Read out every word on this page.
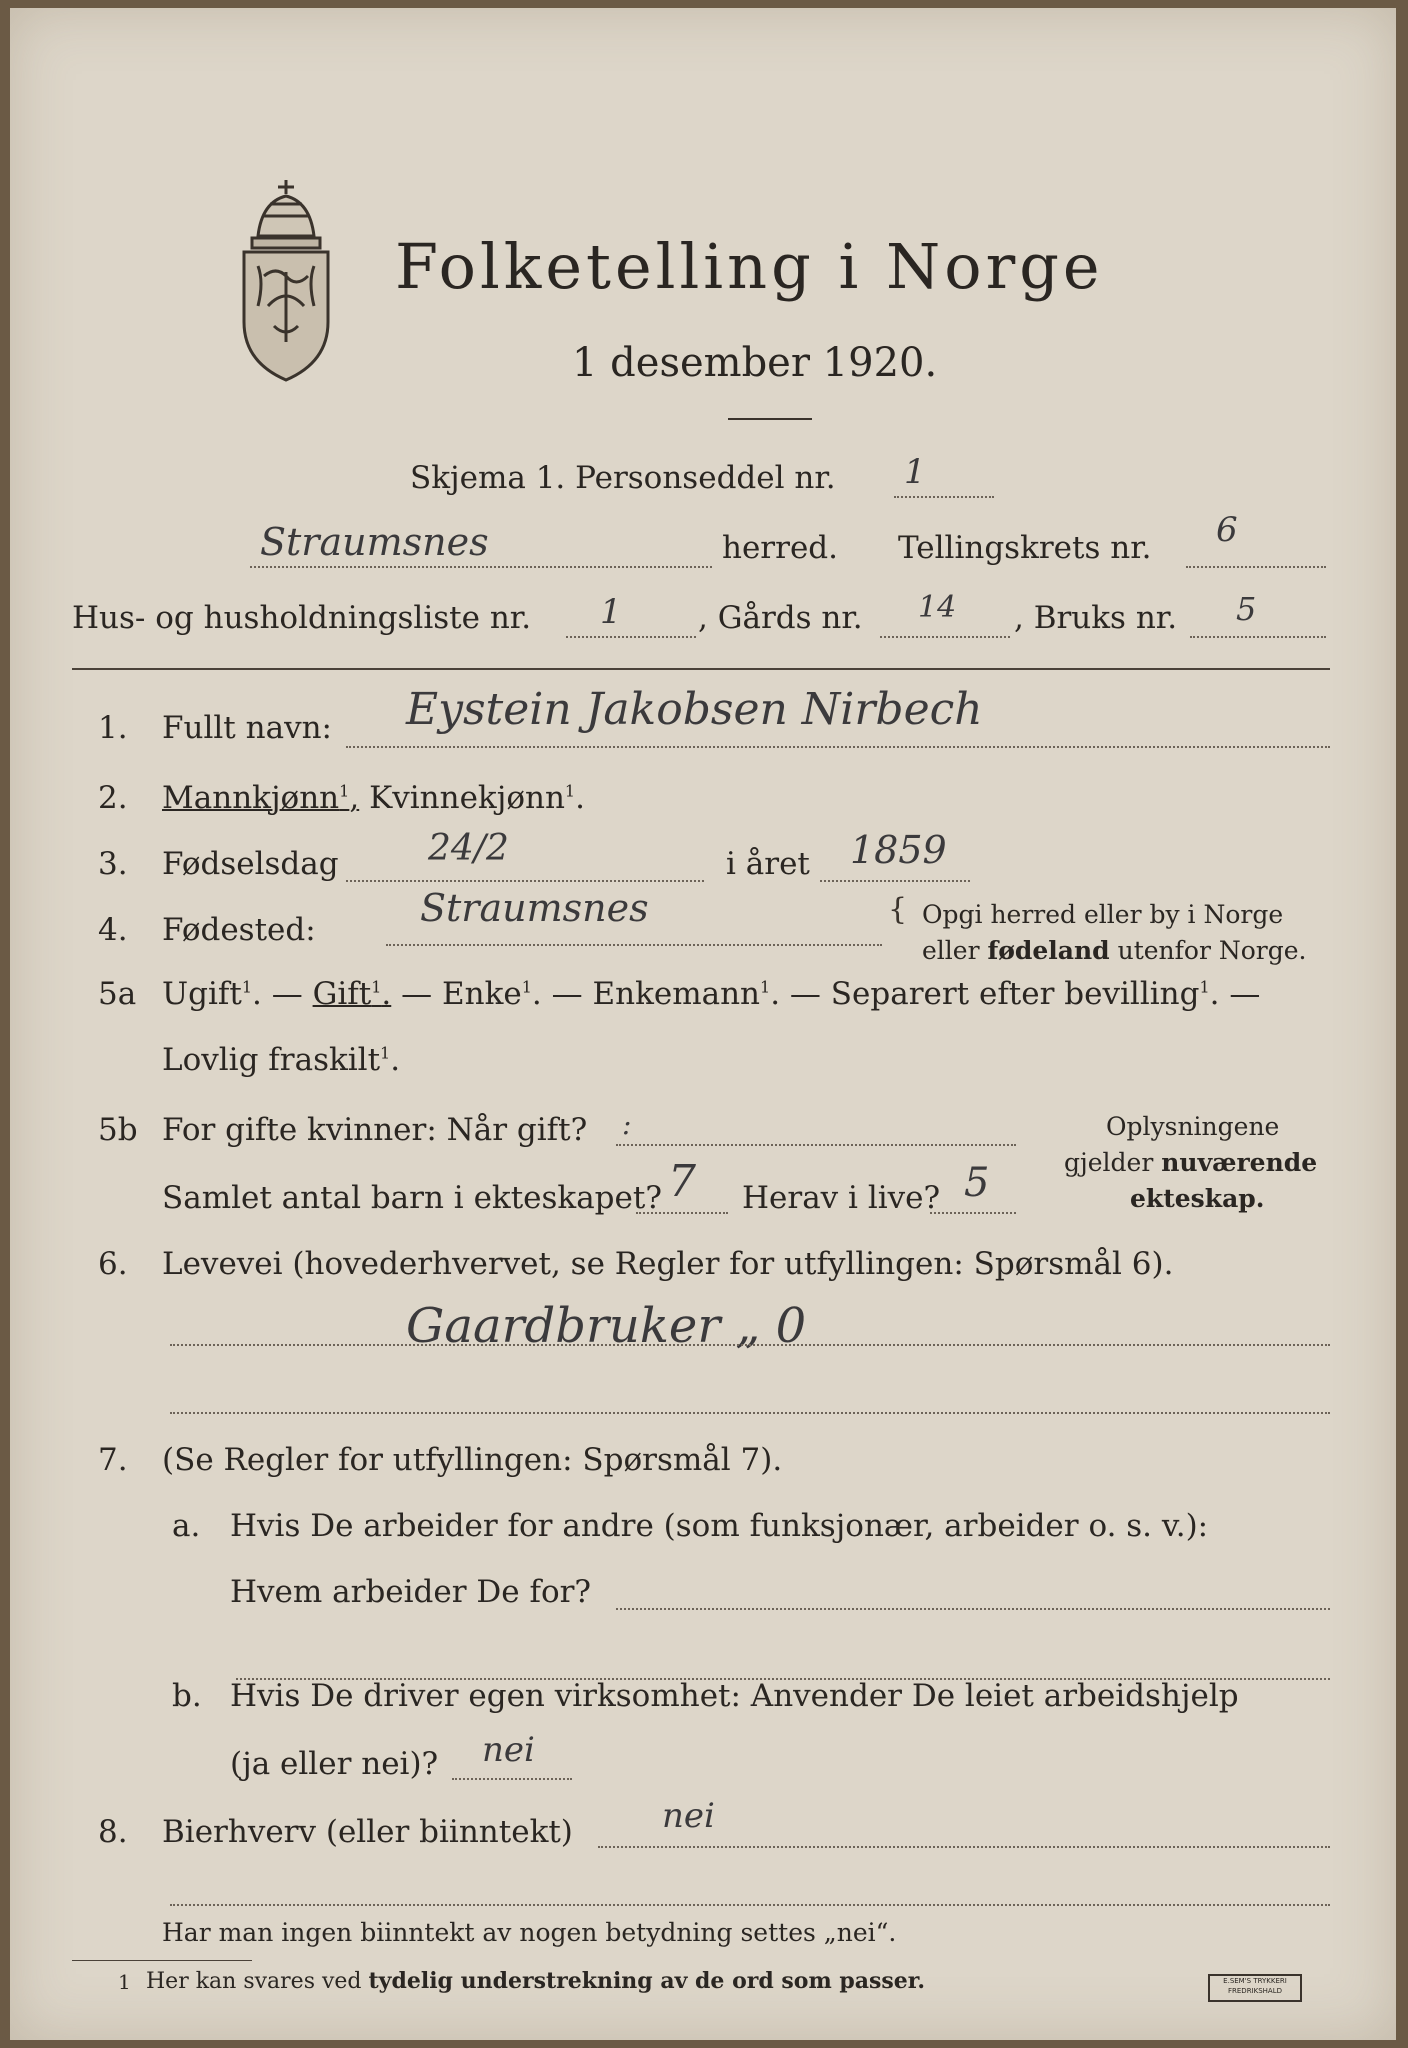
Folketelling i Norge
1 desember 1920.
Skjema 1. Personseddel nr. 1
Straumsnes	herred. Tellingskrets nr. 6
Hus- og husholdningsliste nr. 1 , Gårds nr. 14 , Bruks nr. 5
1. Fullt navn: Eystein Jakobsen Nirbech
2. Mannkjønn$^1$, Kvinnekjønn$^1$.
3. Fødselsdag 24/2	i året 1859
4. Fødested:	Straumsnes	{ Opgi herred eller by i Norge
eller fødeland utenfor Norge.
5a Ugift$^1$. — Gift$^1$. — Enke$^1$. — Enkemann$^1$. — Separert efter bevilling$^1$. —
Lovlig fraskilt$^1$.
5b For gifte kvinner: Når gift? :
Samlet antal barn i ekteskapet? 7 Herav i live? 5
Oplysningene
gjelder nuværende
ekteskap.
6. Levevei (hovederhvervet, se Regler for utfyllingen: Spørsmål 6).
Gaardbruker „ 0
7. (Se Regler for utfyllingen: Spørsmål 7).
a. Hvis De arbeider for andre (som funksjonær, arbeider o. s. v.):
Hvem arbeider De for?
b. Hvis De driver egen virksomhet: Anvender De leiet arbeidshjelp
(ja eller nei)? nei
8. Bierhverv (eller biinntekt)	nei
Har man ingen biinntekt av nogen betydning settes „nei“.
1 Her kan svares ved tydelig understrekning av de ord som passer.	E.SEM'S TRYKKERI
FREDRIKSHALD
